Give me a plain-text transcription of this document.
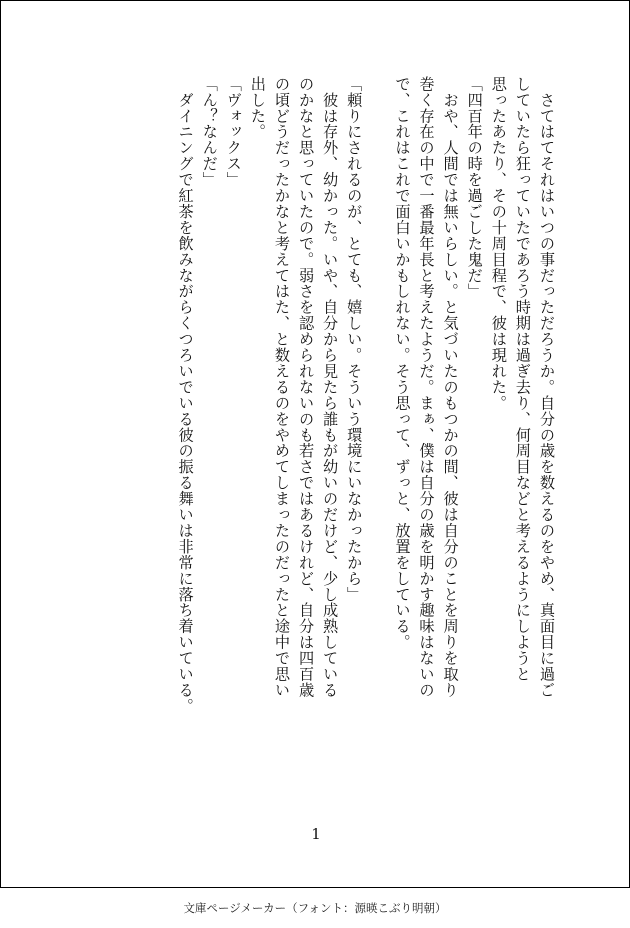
　さてはてそれはいつの事だっただろうか。自分の歳を数えるのをやめ、真面目に過ご

していたら狂っていたであろう時期は過ぎ去り、何周目などと考えるようにしようと

思ったあたり、その十周目程で、彼は現れた。

「四百年の時を過ごした鬼だ」

　おや、人間では無いらしい。と気づいたのもつかの間、彼は自分のことを周りを取り

巻く存在の中で一番最年長と考えたようだ。まぁ、僕は自分の歳を明かす趣味はないの

で、これはこれで面白いかもしれない。そう思って、ずっと、放置をしている。

「頼りにされるのが、とても、嬉しい。そういう環境にいなかったから」

　彼は存外、幼かった。いや、自分から見たら誰もが幼いのだけど、少し成熟している

のかなと思っていたので。弱さを認められないのも若さではあるけれど、自分は四百歳

の頃どうだったかなと考えてはた、と数えるのをやめてしまったのだったと途中で思い

出した。

「ヴォックス」

「ん？なんだ」

　ダイニングで紅茶を飲みながらくつろいでいる彼の振る舞いは非常に落ち着いている。

1
文庫ページメーカー（フォント：源暎こぶり明朝）
